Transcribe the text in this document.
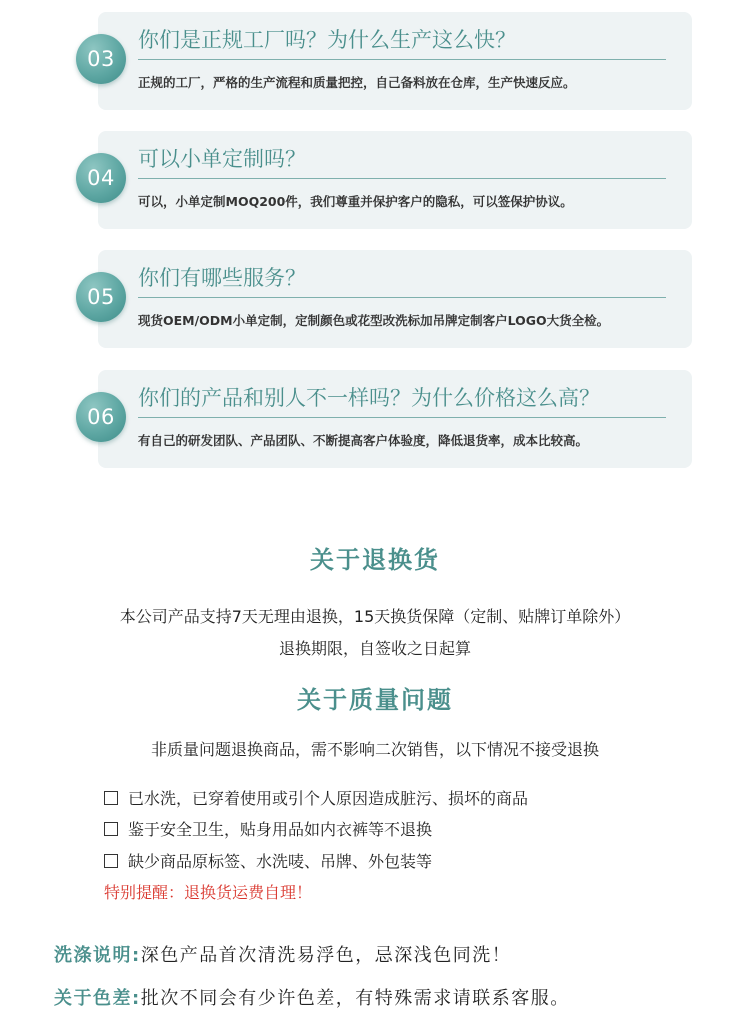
03
你们是正规工厂吗？为什么生产这么快？
正规的工厂，严格的生产流程和质量把控，自己备料放在仓库，生产快速反应。
04
可以小单定制吗？
可以，小单定制MOQ200件，我们尊重并保护客户的隐私，可以签保护协议。
05
你们有哪些服务？
现货OEM/ODM小单定制，定制颜色或花型改洗标加吊牌定制客户LOGO大货全检。
06
你们的产品和别人不一样吗？为什么价格这么高？
有自己的研发团队、产品团队、不断提高客户体验度，降低退货率，成本比较高。
关于退换货
本公司产品支持7天无理由退换，15天换货保障（定制、贴牌订单除外）
退换期限，自签收之日起算
关于质量问题
非质量问题退换商品，需不影响二次销售，以下情况不接受退换
已水洗，已穿着使用或引个人原因造成脏污、损坏的商品
鉴于安全卫生，贴身用品如内衣裤等不退换
缺少商品原标签、水洗唛、吊牌、外包装等
特别提醒：退换货运费自理！
洗涤说明:深色产品首次清洗易浮色，忌深浅色同洗！
关于色差:批次不同会有少许色差，有特殊需求请联系客服。
